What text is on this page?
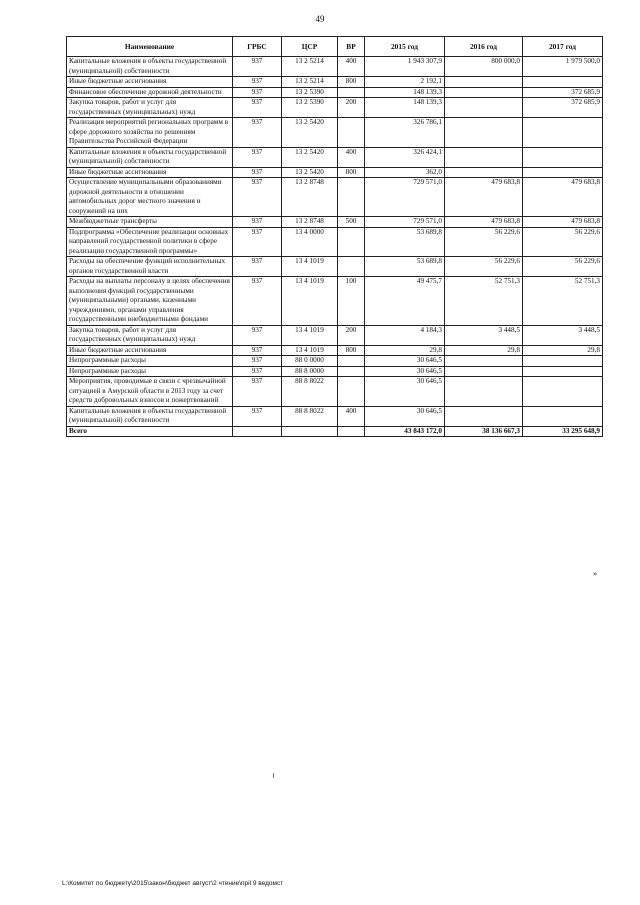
49
Наименование	ГРБС	ЦСР	ВР	2015 год	2016 год	2017 год
Капитальные вложения в объекты государственной (муниципальной) собственности	937	13 2 5214	400	1 943 307,9	800 000,0	1 979 500,0
Иные бюджетные ассигнования	937	13 2 5214	800	2 192,1		
Финансовое обеспечение дорожной деятельности	937	13 2 5390		148 139,3		372 685,9
Закупка товаров, работ и услуг для государственных (муниципальных) нужд	937	13 2 5390	200	148 139,3		372 685,9
Реализация мероприятий региональных программ в сфере дорожного хозяйства по решениям Правительства Российской Федерации	937	13 2 5420		326 786,1		
Капитальные вложения в объекты государственной (муниципальной) собственности	937	13 2 5420	400	326 424,1		
Иные бюджетные ассигнования	937	13 2 5420	800	362,0		
Осуществление муниципальными образованиями дорожной деятельности в отношении автомобильных дорог местного значения и сооружений на них	937	13 2 8748		729 571,0	479 683,8	479 683,8
Межбюджетные трансферты	937	13 2 8748	500	729 571,0	479 683,8	479 683,8
Подпрограмма «Обеспечение реализации основных направлений государственной политики в сфере реализации государственной программы»	937	13 4 0000		53 689,8	56 229,6	56 229,6
Расходы на обеспечение функций исполнительных органов государственной власти	937	13 4 1019		53 689,8	56 229,6	56 229,6
Расходы на выплаты персоналу в целях обеспечения выполнения функций государственными (муниципальными) органами, казенными учреждениями, органами управления государственными внебюджетными фондами	937	13 4 1019	100	49 475,7	52 751,3	52 751,3
Закупка товаров, работ и услуг для государственных (муниципальных) нужд	937	13 4 1019	200	4 184,3	3 448,5	3 448,5
Иные бюджетные ассигнования	937	13 4 1019	800	29,8	29,8	29,8
Непрограммные расходы	937	88 0 0000		30 646,5		
Непрограммные расходы	937	88 8 0000		30 646,5		
Мероприятия, проводимые в связи с чрезвычайной ситуацией в Амурской области в 2013 году за счет средств добровольных взносов и пожертвований	937	88 8 8022		30 646,5		
Капитальные вложения в объекты государственной (муниципальной) собственности	937	88 8 8022	400	30 646,5		
Всего				43 843 172,0	38 136 667,3	33 295 648,9
»
L:\Комитет по бюджету\2015\закон\бюджет август\2 чтение\прil 9 ведомст
